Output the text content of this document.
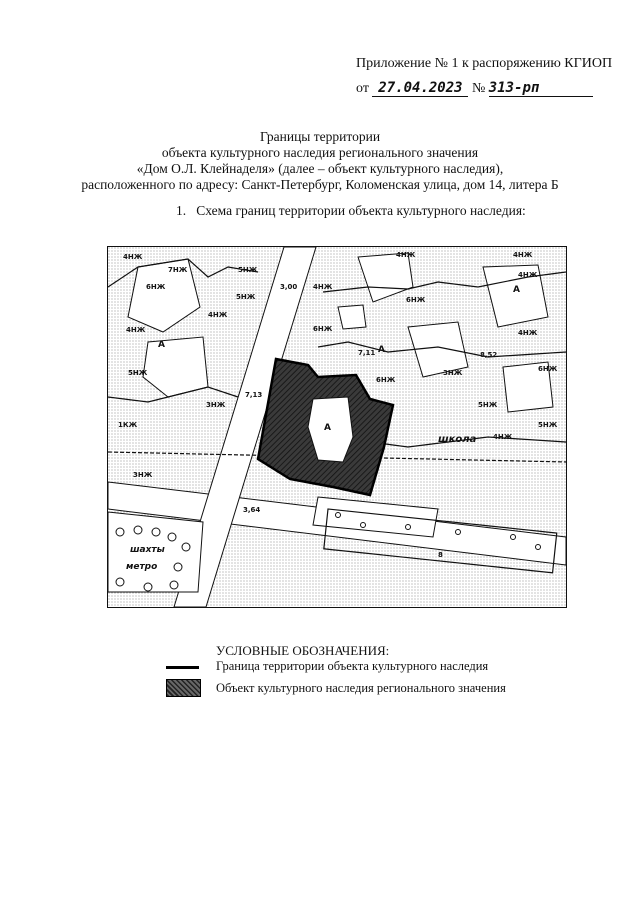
Приложение № 1 к распоряжению КГИОП
от 27.04.2023 № 313-рп
Границы территории
объекта культурного наследия регионального значения
«Дом О.Л. Клейнаделя» (далее – объект культурного наследия),
расположенного по адресу: Санкт-Петербург, Коломенская улица, дом 14, литера Б
1. Схема границ территории объекта культурного наследия:
4НЖ
7НЖ	5НЖ
6НЖ
4НЖ
5НЖ
4НЖ
3НЖ
1КЖ
3,00 4НЖ
4НЖ
4НЖ
6НЖ
6НЖ
4НЖ
7,11	8,52
3НЖ
5НЖ
5НЖ
4НЖ
7,13
3,64
8
6НЖ
6НЖ
4НЖ
5НЖ
3НЖ
А
А
А
А
школа
шахты
метро
УСЛОВНЫЕ ОБОЗНАЧЕНИЯ:
Граница территории объекта культурного наследия
Объект культурного наследия регионального значения
